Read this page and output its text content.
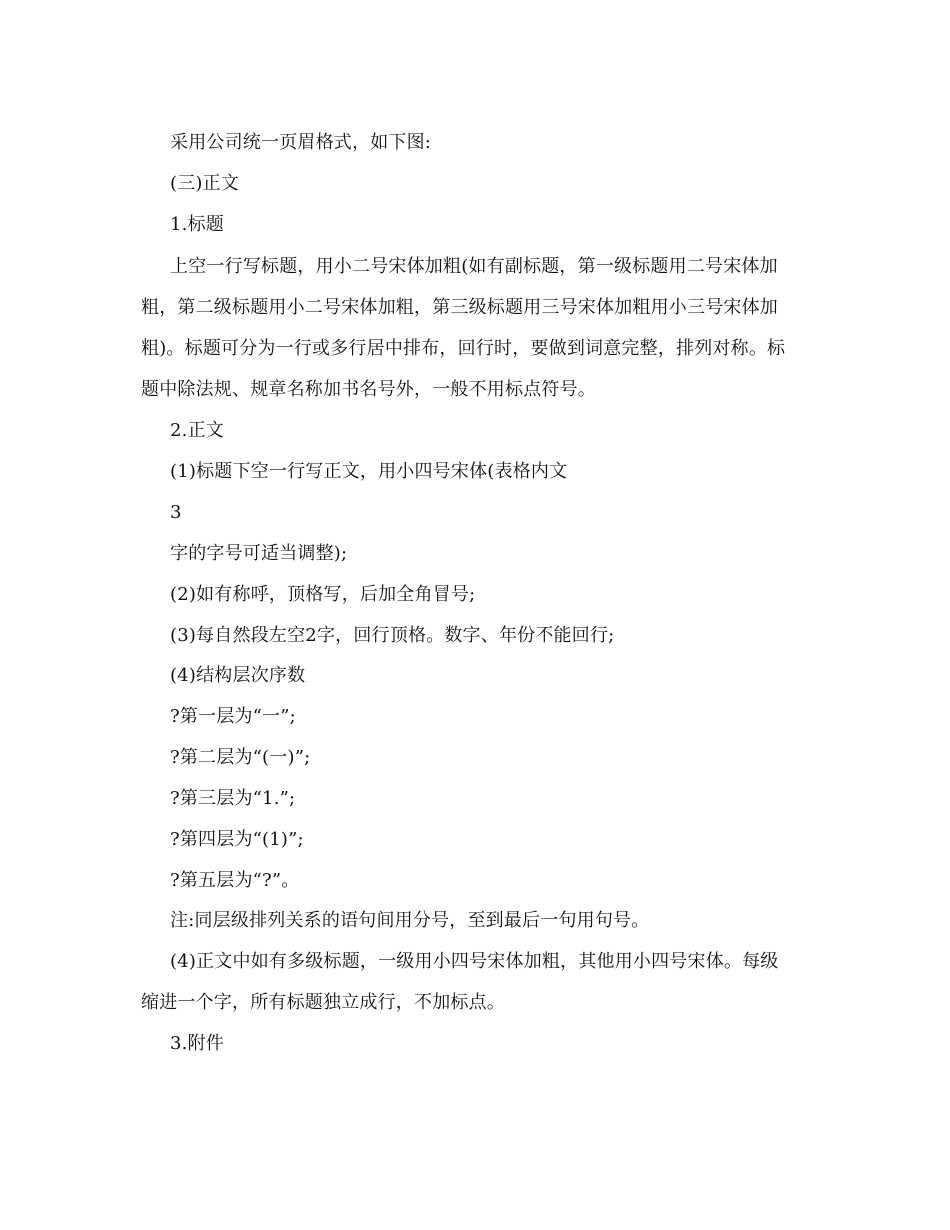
采用公司统一页眉格式，如下图:
(三)正文
1.标题
上空一行写标题，用小二号宋体加粗(如有副标题，第一级标题用二号宋体加
粗，第二级标题用小二号宋体加粗，第三级标题用三号宋体加粗用小三号宋体加
粗)。标题可分为一行或多行居中排布，回行时，要做到词意完整，排列对称。标
题中除法规、规章名称加书名号外，一般不用标点符号。
2.正文
(1)标题下空一行写正文，用小四号宋体(表格内文
3
字的字号可适当调整);
(2)如有称呼，顶格写，后加全角冒号;
(3)每自然段左空2字，回行顶格。数字、年份不能回行;
(4)结构层次序数
?第一层为“一”;
?第二层为“(一)”;
?第三层为“1.”;
?第四层为“(1)”;
?第五层为“?”。
注:同层级排列关系的语句间用分号，至到最后一句用句号。
(4)正文中如有多级标题，一级用小四号宋体加粗，其他用小四号宋体。每级
缩进一个字，所有标题独立成行，不加标点。
3.附件
